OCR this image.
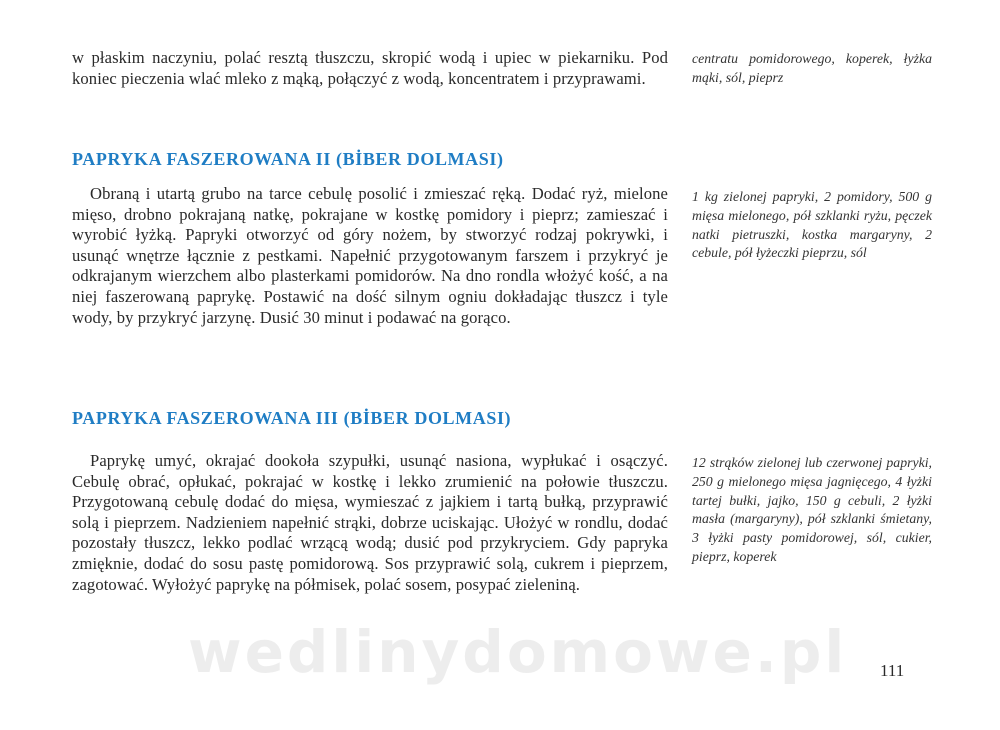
w płaskim naczyniu, polać resztą tłuszczu, skropić wodą i upiec w piekarniku. Pod koniec pieczenia wlać mleko z mąką, połączyć z wodą, koncentratem i przyprawami.

centratu pomidorowego, koperek, łyżka mąki, sól, pieprz
PAPRYKA FASZEROWANA II (BİBER DOLMASI)

Obraną i utartą grubo na tarce cebulę posolić i zmieszać ręką. Dodać ryż, mielone mięso, drobno pokrajaną natkę, pokrajane w kostkę pomidory i pieprz; zamieszać i wyrobić łyżką. Papryki otworzyć od góry nożem, by stworzyć rodzaj pokrywki, i usunąć wnętrze łącznie z pestkami. Napełnić przygotowanym farszem i przykryć je odkrajanym wierzchem albo plasterkami pomidorów. Na dno rondla włożyć kość, a na niej faszerowaną paprykę. Postawić na dość silnym ogniu dokładając tłuszcz i tyle wody, by przykryć jarzynę. Dusić 30 minut i podawać na gorąco.

1 kg zielonej papryki, 2 pomidory, 500 g mięsa mielonego, pół szklanki ryżu, pęczek natki pietruszki, kostka margaryny, 2 cebule, pół łyżeczki pieprzu, sól
PAPRYKA FASZEROWANA III (BİBER DOLMASI)

Paprykę umyć, okrajać dookoła szypułki, usunąć nasiona, wypłukać i osączyć. Cebulę obrać, opłukać, pokrajać w kostkę i lekko zrumienić na połowie tłuszczu. Przygotowaną cebulę dodać do mięsa, wymieszać z jajkiem i tartą bułką, przyprawić solą i pieprzem. Nadzieniem napełnić strąki, dobrze uciskając. Ułożyć w rondlu, dodać pozostały tłuszcz, lekko podlać wrzącą wodą; dusić pod przykryciem. Gdy papryka zmięknie, dodać do sosu pastę pomidorową. Sos przyprawić solą, cukrem i pieprzem, zagotować. Wyłożyć paprykę na półmisek, polać sosem, posypać zieleniną.

12 strąków zielonej lub czerwonej papryki, 250 g mielonego mięsa jagnięcego, 4 łyżki tartej bułki, jajko, 150 g cebuli, 2 łyżki masła (margaryny), pół szklanki śmietany, 3 łyżki pasty pomidorowej, sól, cukier, pieprz, koperek
wedlinydomowe.pl 111
